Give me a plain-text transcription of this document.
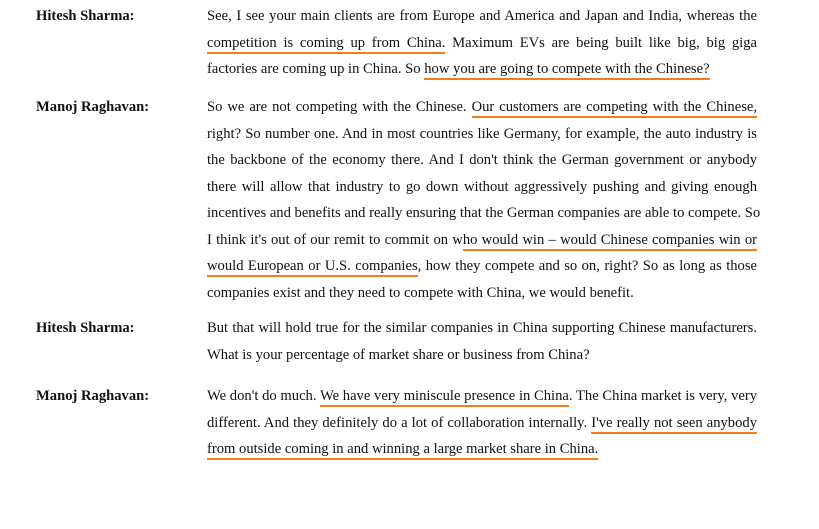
Hitesh Sharma:	See, I see your main clients are from Europe and America and Japan and India, whereas the
competition is coming up from China. Maximum EVs are being built like big, big giga
factories are coming up in China. So how you are going to compete with the Chinese?
Manoj Raghavan:	So we are not competing with the Chinese. Our customers are competing with the Chinese,
right? So number one. And in most countries like Germany, for example, the auto industry is
the backbone of the economy there. And I don't think the German government or anybody
there will allow that industry to go down without aggressively pushing and giving enough
incentives and benefits and really ensuring that the German companies are able to compete. So
I think it's out of our remit to commit on who would win – would Chinese companies win or
would European or U.S. companies, how they compete and so on, right? So as long as those
companies exist and they need to compete with China, we would benefit.
Hitesh Sharma:	But that will hold true for the similar companies in China supporting Chinese manufacturers.
What is your percentage of market share or business from China?
Manoj Raghavan:	We don't do much. We have very miniscule presence in China. The China market is very, very
different. And they definitely do a lot of collaboration internally. I've really not seen anybody
from outside coming in and winning a large market share in China.
